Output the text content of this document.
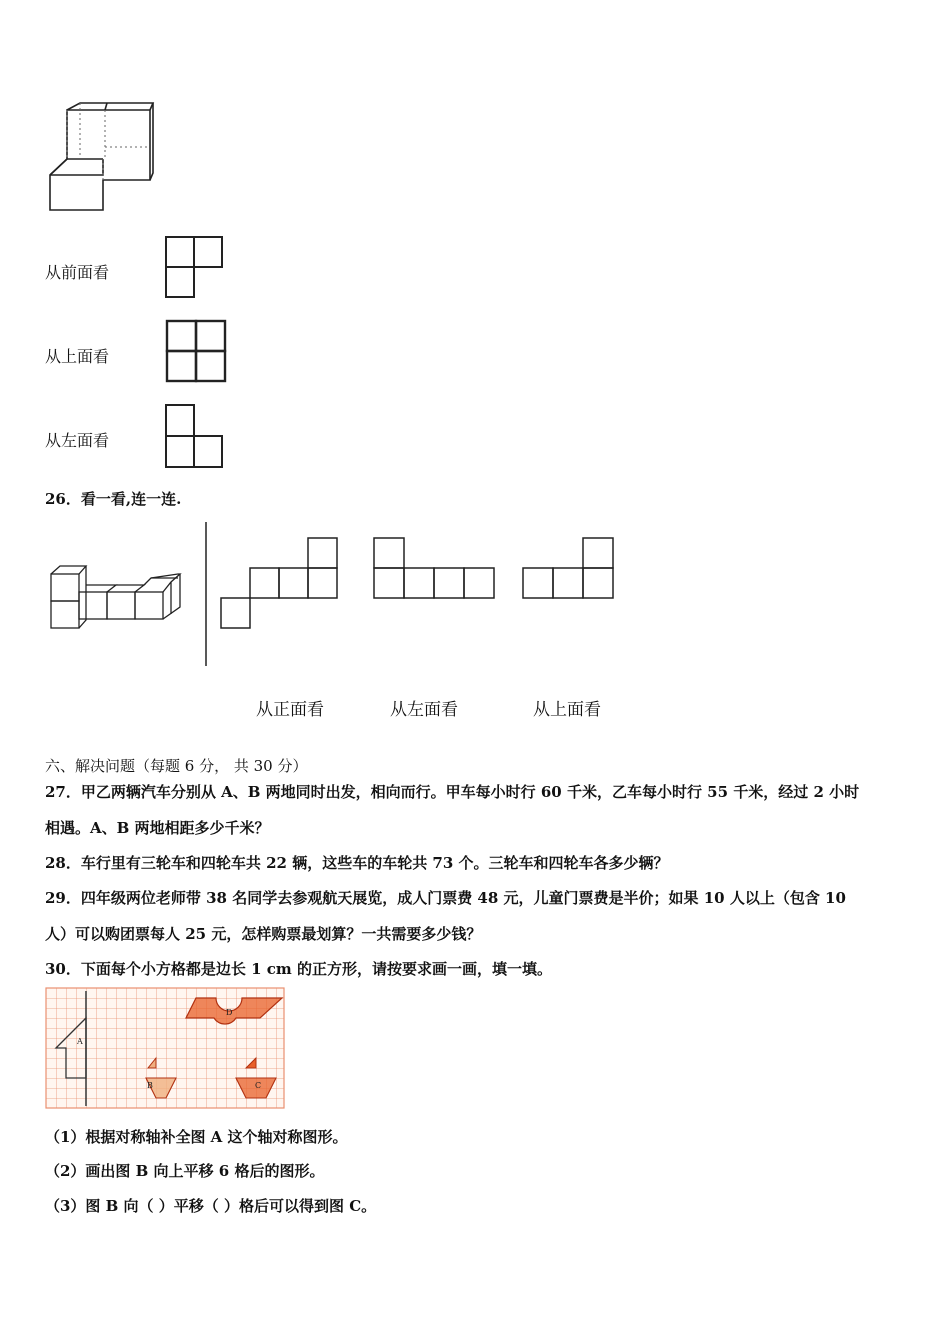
从前面看
从上面看
从左面看
26．看一看,连一连.
从正面看	从左面看	从上面看
六、解决问题（每题 6 分， 共 30 分）
27．甲乙两辆汽车分别从 A、B 两地同时出发，相向而行。甲车每小时行 60 千米，乙车每小时行 55 千米，经过 2 小时
相遇。A、B 两地相距多少千米？
28．车行里有三轮车和四轮车共 22 辆，这些车的车轮共 73 个。三轮车和四轮车各多少辆？
29．四年级两位老师带 38 名同学去参观航天展览，成人门票费 48 元，儿童门票费是半价；如果 10 人以上（包含 10
人）可以购团票每人 25 元，怎样购票最划算？一共需要多少钱？
30．下面每个小方格都是边长 1 cm 的正方形，请按要求画一画，填一填。
A
D
B	C
（1）根据对称轴补全图 A 这个轴对称图形。
（2）画出图 B 向上平移 6 格后的图形。
（3）图 B 向（ ）平移（ ）格后可以得到图 C。
